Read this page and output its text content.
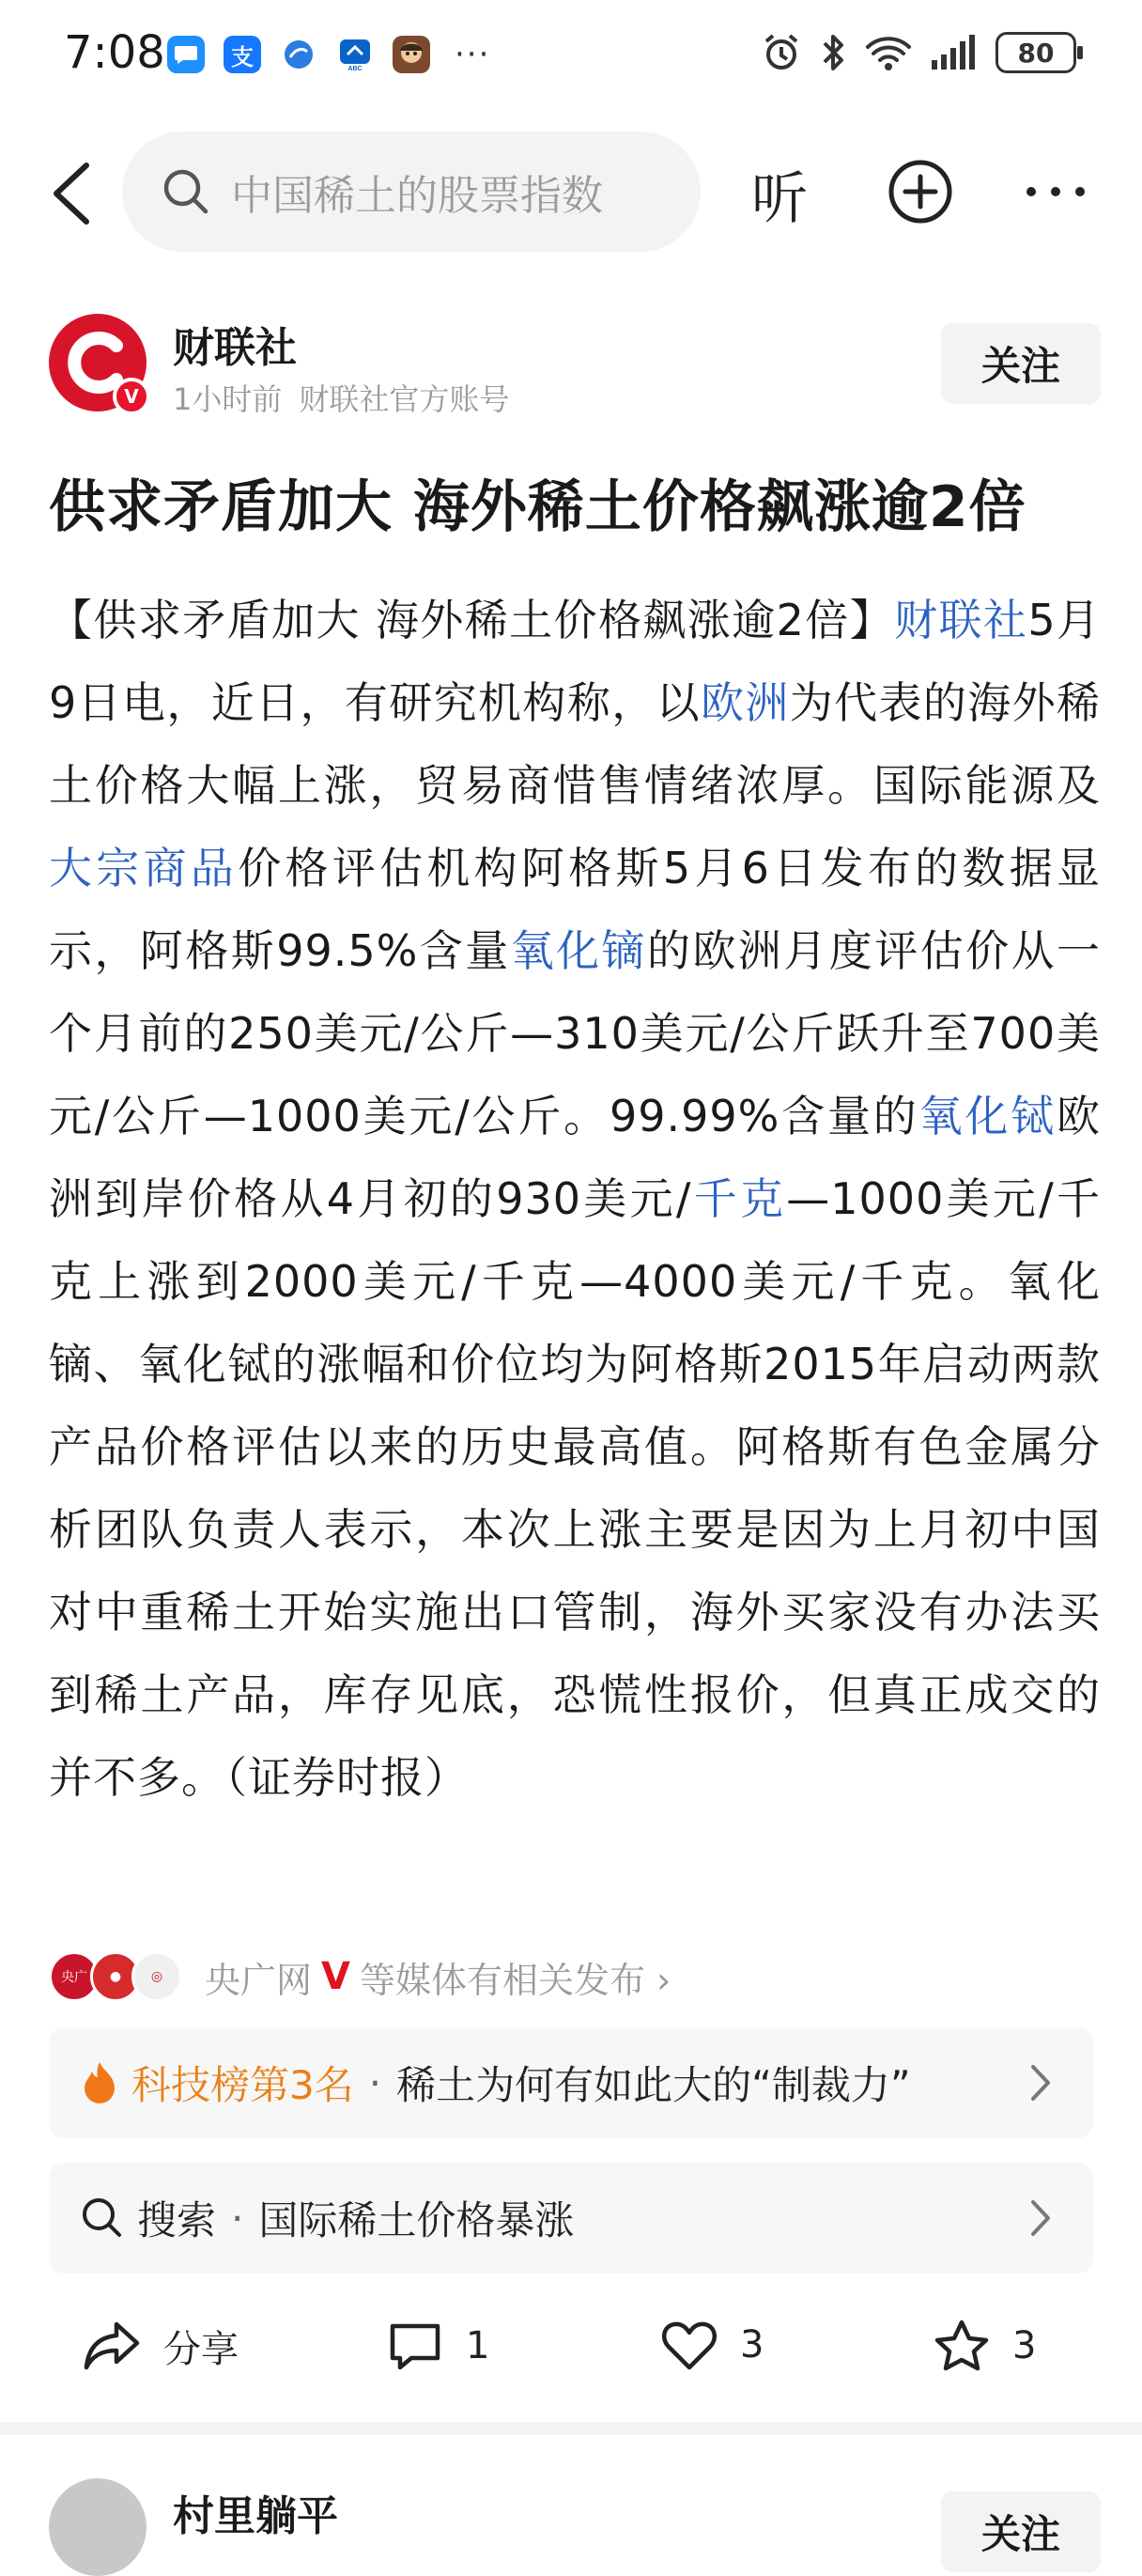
7:08	支	ABC	···	80
中国稀土的股票指数	听
V
财联社
1小时前 财联社官方账号
关注
供求矛盾加大 海外稀土价格飙涨逾2倍
【供求矛盾加大 海外稀土价格飙涨逾2倍】财联社5月9日电，近日，有研究机构称，以欧洲为代表的海外稀土价格大幅上涨，贸易商惜售情绪浓厚。国际能源及大宗商品价格评估机构阿格斯5月6日发布的数据显示，阿格斯99.5%含量氧化镝的欧洲月度评估价从一个月前的250美元/公斤—310美元/公斤跃升至700美元/公斤—1000美元/公斤。99.99%含量的氧化铽欧洲到岸价格从4月初的930美元/千克—1000美元/千克上涨到2000美元/千克—4000美元/千克。氧化镝、氧化铽的涨幅和价位均为阿格斯2015年启动两款产品价格评估以来的历史最高值。阿格斯有色金属分析团队负责人表示，本次上涨主要是因为上月初中国对中重稀土开始实施出口管制，海外买家没有办法买到稀土产品，库存见底，恐慌性报价，但真正成交的并不多。（证券时报）
央广	●	◎	央广网 V 等媒体有相关发布 ›
科技榜第3名 · 稀土为何有如此大的“制裁力”
搜索 · 国际稀土价格暴涨
分享	1	3	3
村里躺平	关注
